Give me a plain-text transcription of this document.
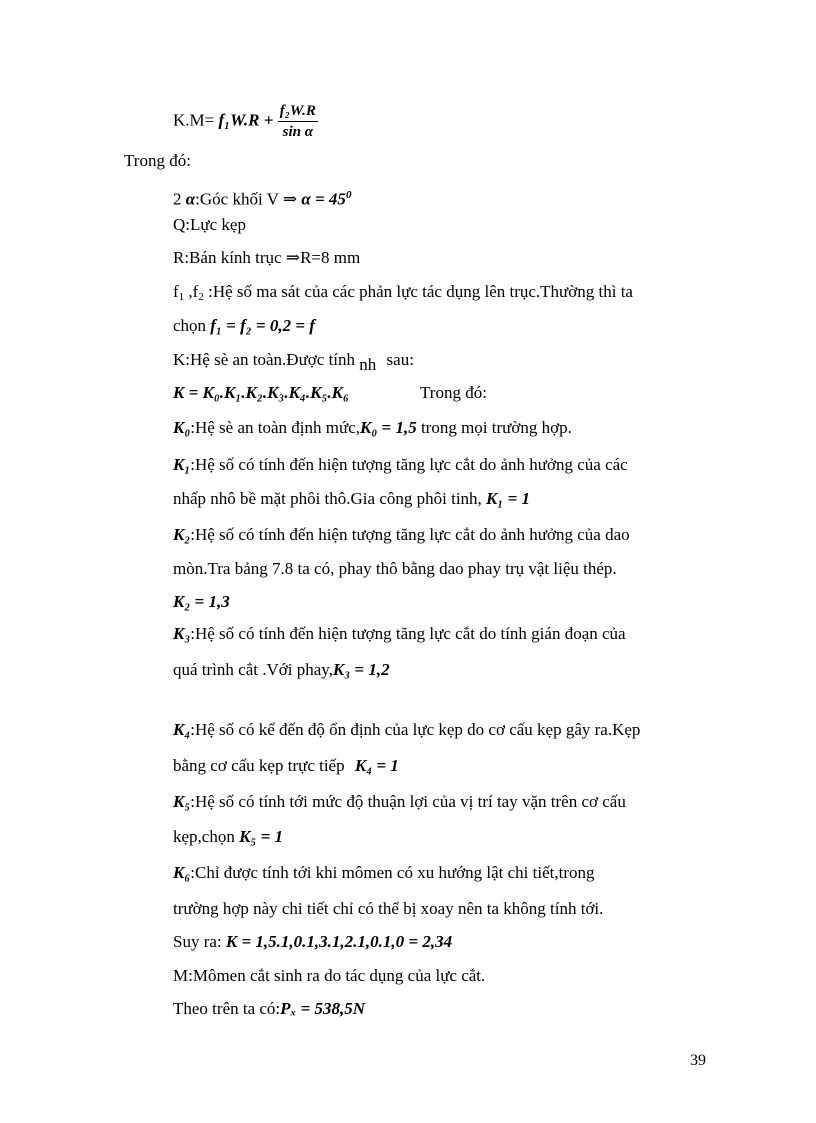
$K.M= f_1W.R + \frac{\text{f₂W.R}}{\text{sin α}}$
Trong đó:
2 α:Góc khối V ⇒ $\alpha = 45^0$
Q:Lực kẹp
R:Bán kính trục ⇒R=8 mm
$f_1$ $,f_2$ :Hệ số ma sát của các phản lực tác dụng lên trục.Thường thì ta
chọn f₁ = f₂ = 0,2 = f
K:Hệ sè an toàn.Được tính nh sau:
K = K₀.K₁.K₂.K₃.K₄.K₅.K₆	Trong đó:
K₀:Hệ sè an toàn định mức,K₀ = 1,5 trong mọi trường hợp.
K₁:Hệ số có tính đến hiện tượng tăng lực cắt do ảnh hưởng của các
nhấp nhô bề mặt phôi thô.Gia công phôi tinh, K₁ = 1
K₂:Hệ số có tính đến hiện tượng tăng lực cắt do ảnh hưởng của dao
mòn.Tra bảng 7.8 ta có, phay thô bằng dao phay trụ vật liệu thép.
K₂ = 1,3
K₃:Hệ số có tính đến hiện tượng tăng lực cắt do tính gián đoạn của
quá trình cắt .Với phay,K₃ = 1,2
K₄:Hệ số có kể đến độ ổn định của lực kẹp do cơ cấu kẹp gây ra.Kẹp
bằng cơ cấu kẹp trực tiếp K₄ = 1
K₅:Hệ số có tính tới mức độ thuận lợi của vị trí tay vặn trên cơ cấu
kẹp,chọn K₅ = 1
K₆:Chỉ được tính tới khi mômen có xu hướng lật chi tiết,trong
trường hợp này chi tiết chỉ có thể bị xoay nên ta không tính tới.
Suy ra: K = 1,5.1,0.1,3.1,2.1,0.1,0 = 2,34
M:Mômen cắt sinh ra do tác dụng của lực cắt.
Theo trên ta có:Pₓ = 538,5N
39
